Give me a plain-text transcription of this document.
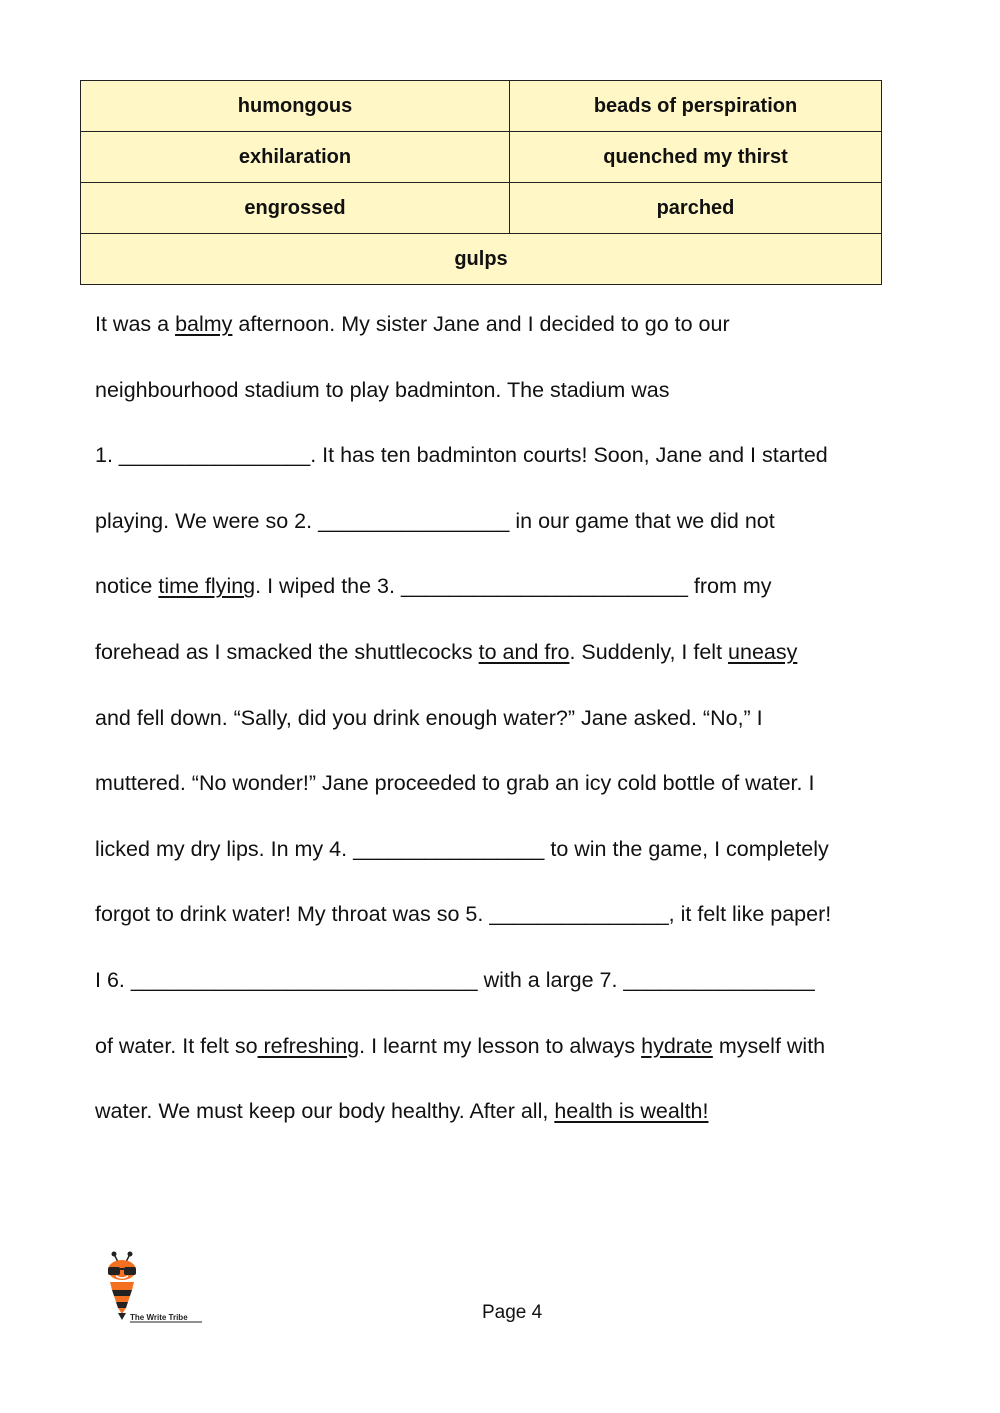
humongous	beads of perspiration
exhilaration	quenched my thirst
engrossed	parched
gulps	
It was a balmy afternoon. My sister Jane and I decided to go to our
neighbourhood stadium to play badminton. The stadium was
1. ________________. It has ten badminton courts! Soon, Jane and I started
playing. We were so 2. ________________ in our game that we did not
notice time flying. I wiped the 3. ________________________ from my
forehead as I smacked the shuttlecocks to and fro. Suddenly, I felt uneasy
and fell down. “Sally, did you drink enough water?” Jane asked. “No,” I
muttered. “No wonder!” Jane proceeded to grab an icy cold bottle of water. I
licked my dry lips. In my 4. ________________ to win the game, I completely
forgot to drink water! My throat was so 5. _______________, it felt like paper!
I 6. _____________________________ with a large 7. ________________
of water. It felt so refreshing. I learnt my lesson to always hydrate myself with
water. We must keep our body healthy. After all, health is wealth!
The Write Tribe	Page 4
